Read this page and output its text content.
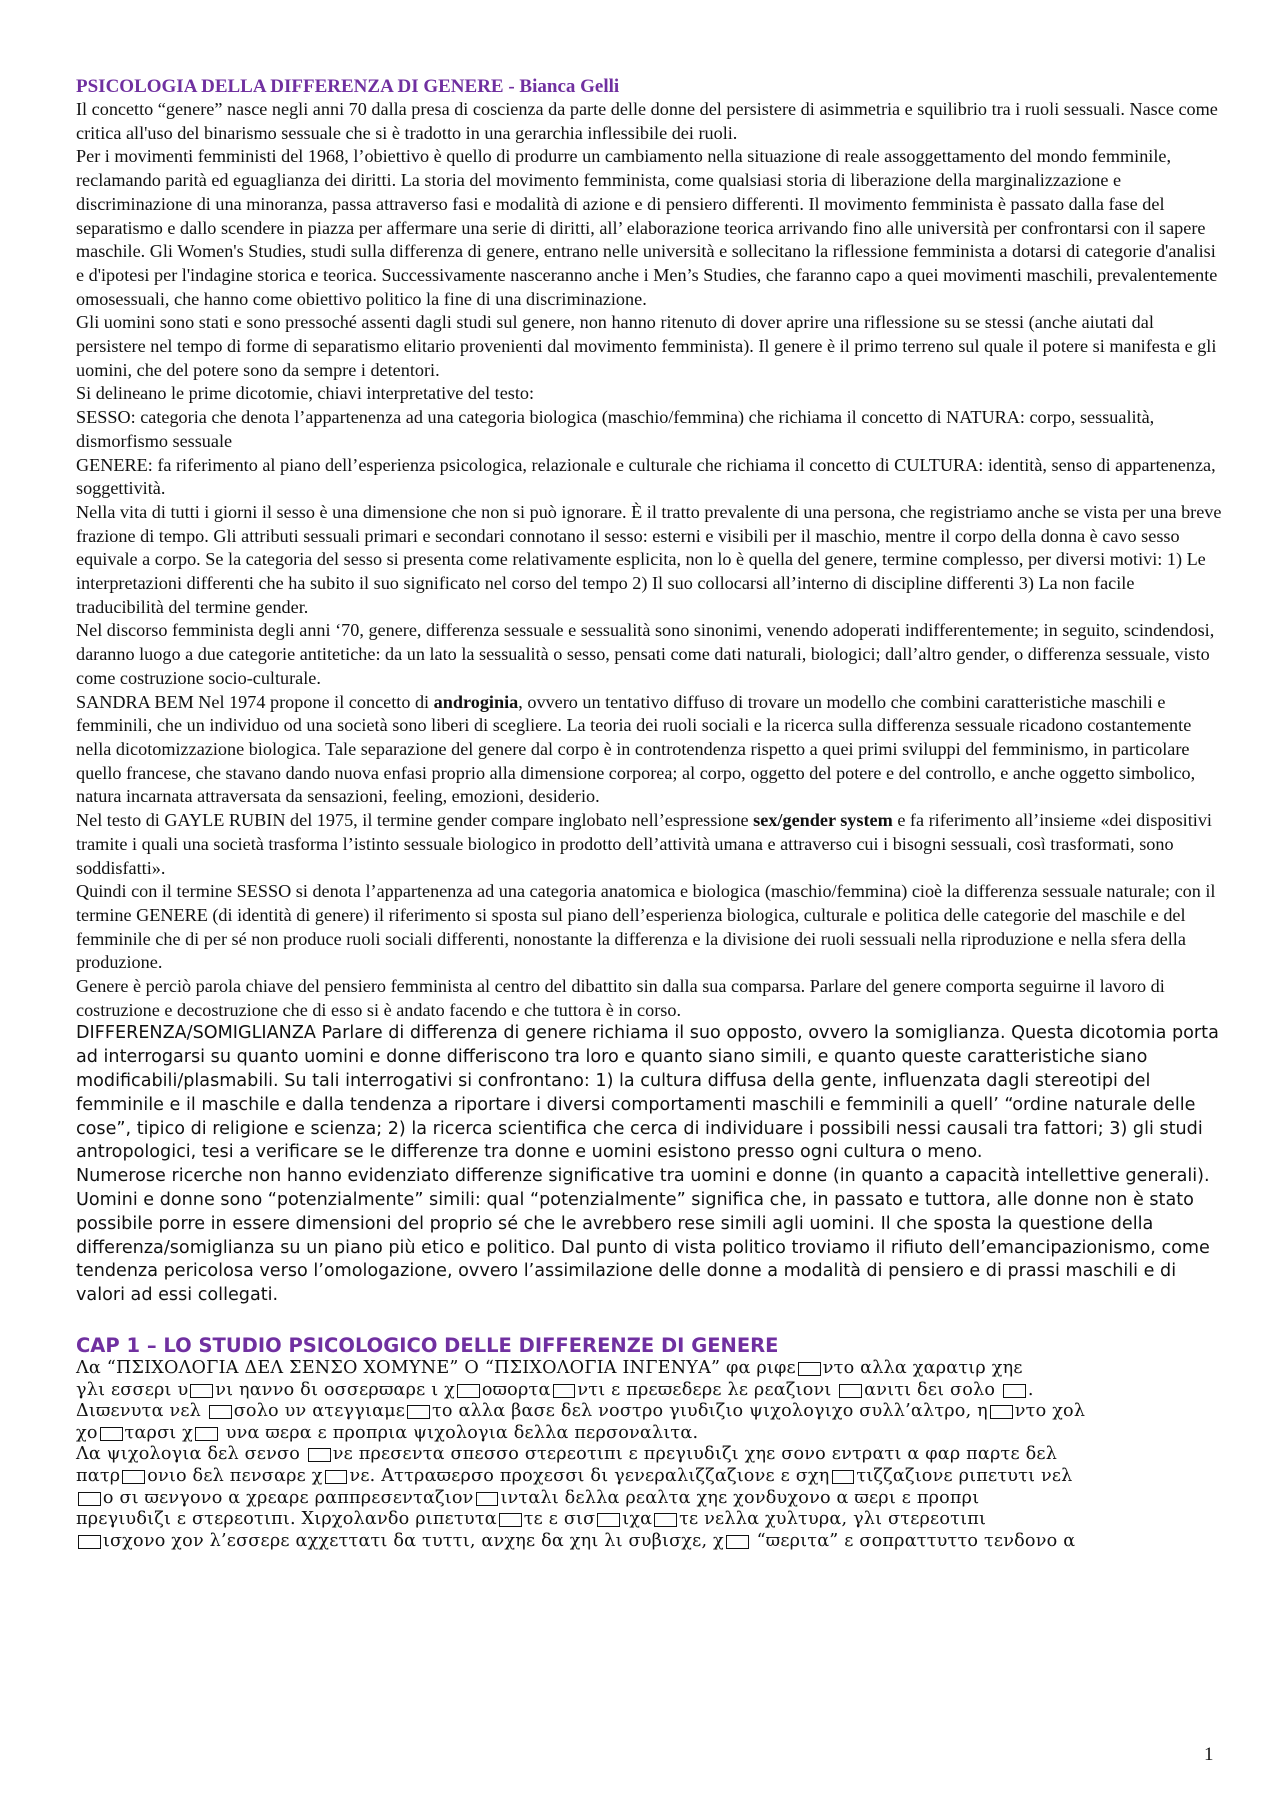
PSICOLOGIA DELLA DIFFERENZA DI GENERE - Bianca Gelli

Il concetto “genere” nasce negli anni 70 dalla presa di coscienza da parte delle donne del persistere di asimmetria e squilibrio tra i ruoli sessuali. Nasce come critica all'uso del binarismo sessuale che si è tradotto in una gerarchia inflessibile dei ruoli.

Per i movimenti femministi del 1968, l’obiettivo è quello di produrre un cambiamento nella situazione di reale assoggettamento del mondo femminile, reclamando parità ed eguaglianza dei diritti. La storia del movimento femminista, come qualsiasi storia di liberazione della marginalizzazione e discriminazione di una minoranza, passa attraverso fasi e modalità di azione e di pensiero differenti. Il movimento femminista è passato dalla fase del separatismo e dallo scendere in piazza per affermare una serie di diritti, all’ elaborazione teorica arrivando fino alle università per confrontarsi con il sapere maschile. Gli Women's Studies, studi sulla differenza di genere, entrano nelle università e sollecitano la riflessione femminista a dotarsi di categorie d'analisi e d'ipotesi per l'indagine storica e teorica. Successivamente nasceranno anche i Men’s Studies, che faranno capo a quei movimenti maschili, prevalentemente omosessuali, che hanno come obiettivo politico la fine di una discriminazione.

Gli uomini sono stati e sono pressoché assenti dagli studi sul genere, non hanno ritenuto di dover aprire una riflessione su se stessi (anche aiutati dal persistere nel tempo di forme di separatismo elitario provenienti dal movimento femminista). Il genere è il primo terreno sul quale il potere si manifesta e gli uomini, che del potere sono da sempre i detentori.

Si delineano le prime dicotomie, chiavi interpretative del testo:

SESSO: categoria che denota l’appartenenza ad una categoria biologica (maschio/femmina) che richiama il concetto di NATURA: corpo, sessualità, dismorfismo sessuale

GENERE: fa riferimento al piano dell’esperienza psicologica, relazionale e culturale che richiama il concetto di CULTURA: identità, senso di appartenenza, soggettività.

Nella vita di tutti i giorni il sesso è una dimensione che non si può ignorare. È il tratto prevalente di una persona, che registriamo anche se vista per una breve frazione di tempo. Gli attributi sessuali primari e secondari connotano il sesso: esterni e visibili per il maschio, mentre il corpo della donna è cavo sesso equivale a corpo. Se la categoria del sesso si presenta come relativamente esplicita, non lo è quella del genere, termine complesso, per diversi motivi: 1) Le interpretazioni differenti che ha subito il suo significato nel corso del tempo 2) Il suo collocarsi all’interno di discipline differenti 3) La non facile traducibilità del termine gender.

Nel discorso femminista degli anni ‘70, genere, differenza sessuale e sessualità sono sinonimi, venendo adoperati indifferentemente; in seguito, scindendosi, daranno luogo a due categorie antitetiche: da un lato la sessualità o sesso, pensati come dati naturali, biologici; dall’altro gender, o differenza sessuale, visto come costruzione socio-culturale.

SANDRA BEM Nel 1974 propone il concetto di androginia, ovvero un tentativo diffuso di trovare un modello che combini caratteristiche maschili e femminili, che un individuo od una società sono liberi di scegliere. La teoria dei ruoli sociali e la ricerca sulla differenza sessuale ricadono costantemente nella dicotomizzazione biologica. Tale separazione del genere dal corpo è in controtendenza rispetto a quei primi sviluppi del femminismo, in particolare quello francese, che stavano dando nuova enfasi proprio alla dimensione corporea; al corpo, oggetto del potere e del controllo, e anche oggetto simbolico, natura incarnata attraversata da sensazioni, feeling, emozioni, desiderio.

Nel testo di GAYLE RUBIN del 1975, il termine gender compare inglobato nell’espressione sex/gender system e fa riferimento all’insieme «dei dispositivi tramite i quali una società trasforma l’istinto sessuale biologico in prodotto dell’attività umana e attraverso cui i bisogni sessuali, così trasformati, sono soddisfatti».

Quindi con il termine SESSO si denota l’appartenenza ad una categoria anatomica e biologica (maschio/femmina) cioè la differenza sessuale naturale; con il termine GENERE (di identità di genere) il riferimento si sposta sul piano dell’esperienza biologica, culturale e politica delle categorie del maschile e del femminile che di per sé non produce ruoli sociali differenti, nonostante la differenza e la divisione dei ruoli sessuali nella riproduzione e nella sfera della produzione.

Genere è perciò parola chiave del pensiero femminista al centro del dibattito sin dalla sua comparsa. Parlare del genere comporta seguirne il lavoro di costruzione e decostruzione che di esso si è andato facendo e che tuttora è in corso.

DIFFERENZA/SOMIGLIANZA Parlare di differenza di genere richiama il suo opposto, ovvero la somiglianza. Questa dicotomia porta ad interrogarsi su quanto uomini e donne differiscono tra loro e quanto siano simili, e quanto queste caratteristiche siano modificabili/plasmabili. Su tali interrogativi si confrontano: 1) la cultura diffusa della gente, influenzata dagli stereotipi del femminile e il maschile e dalla tendenza a riportare i diversi comportamenti maschili e femminili a quell’ “ordine naturale delle

cose”, tipico di religione e scienza; 2) la ricerca scientifica che cerca di individuare i possibili nessi causali tra fattori; 3) gli studi antropologici, tesi a verificare se le differenze tra donne e uomini esistono presso ogni cultura o meno.

Numerose ricerche non hanno evidenziato differenze significative tra uomini e donne (in quanto a capacità intellettive generali). Uomini e donne sono “potenzialmente” simili: qual “potenzialmente” significa che, in passato e tuttora, alle donne non è stato possibile porre in essere dimensioni del proprio sé che le avrebbero rese simili agli uomini. Il che sposta la questione della differenza/somiglianza su un piano più etico e politico. Dal punto di vista politico troviamo il rifiuto dell’emancipazionismo, come tendenza pericolosa verso l’omologazione, ovvero l’assimilazione delle donne a modalità di pensiero e di prassi maschili e di valori ad essi collegati.

CAP 1 – LO STUDIO PSICOLOGICO DELLE DIFFERENZE DI GENERE

Λα “ΠΣΙΧΟΛΟΓΙΑ ΔΕΛ ΣΕΝΣΟ ΧΟΜΥΝΕ” Ο “ΠΣΙΧΟΛΟΓΙΑ ΙΝΓΕΝΥΑ” φα ριφε ντο αλλα χαρατιρ χηε

γλι εσσερι υ νι ηαννο δι οσσερϖαρε ι χ οϖορτα ντι ε πρεϖεδερε λε ρεαζιονι    ανιτι δει σολο    .

Διϖενυτα νελ    σολο υν ατεγγιαμε το αλλα βασε δελ νοστρο γιυδιζιο ψιχολογιχο συλλ’αλτρο, η ντο χολ

χο ταρσι χ    υνα ϖερα ε προπρια ψιχολογια δελλα περσοναλιτα.

Λα ψιχολογια δελ σενσο    νε πρεσεντα σπεσσο στερεοτιπι ε πρεγιυδιζι χηε σονο εντρατι α φαρ παρτε δελ

πατρ ονιο δελ πενσαρε χ νε. Αττραϖερσο προχεσσι δι γενεραλιζζαζιονε ε σχη τιζζαζιονε ριπετυτι νελ

ο σι ϖενγονο α χρεαρε ραππρεσενταζιον ινταλι δελλα ρεαλτα χηε χονδυχονο α ϖερι ε προπρι

πρεγιυδιζι ε στερεοτιπι. Χιρχολανδο ριπετυτα τε ε σισ ιχα τε νελλα χυλτυρα, γλι στερεοτιπι

ισχονο χον λ’εσσερε αχχεττατι δα τυττι, ανχηε δα χηι λι συβισχε, χ    “ϖεριτα” ε σοπραττυττο τενδονο α

1
